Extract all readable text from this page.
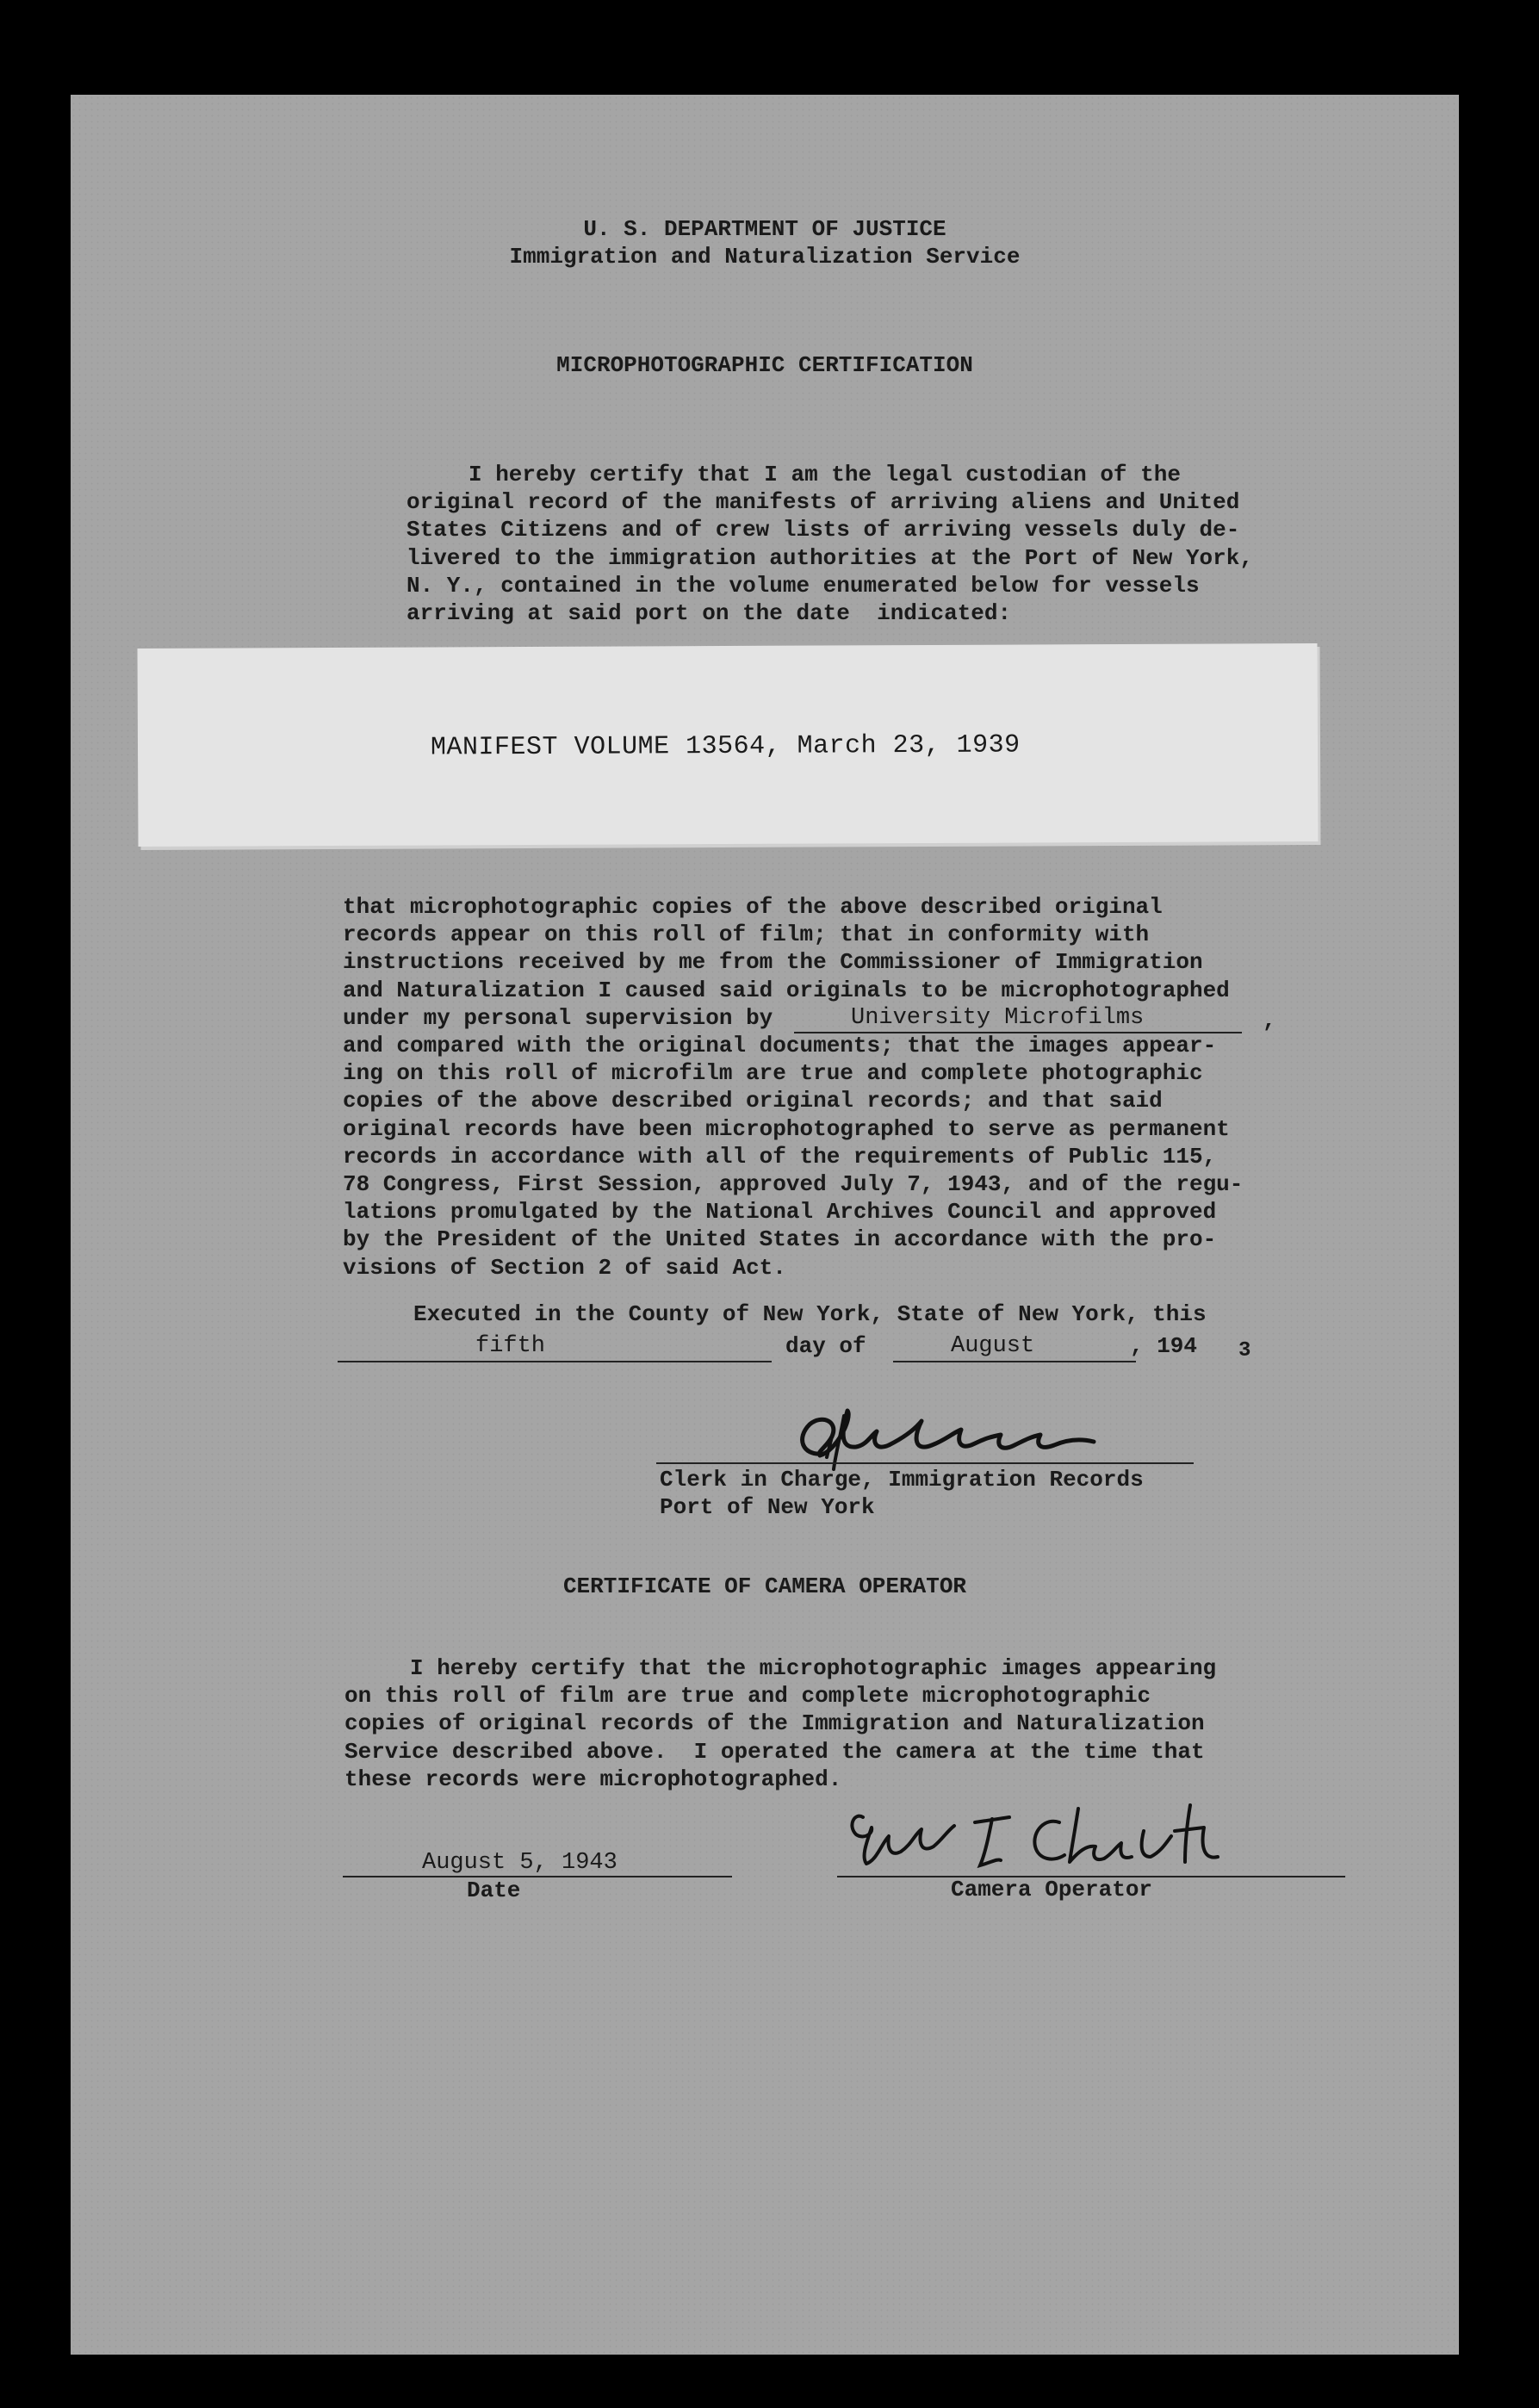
U. S. DEPARTMENT OF JUSTICE
Immigration and Naturalization Service
MICROPHOTOGRAPHIC CERTIFICATION
I hereby certify that I am the legal custodian of the
original record of the manifests of arriving aliens and United
States Citizens and of crew lists of arriving vessels duly de-
livered to the immigration authorities at the Port of New York,
N. Y., contained in the volume enumerated below for vessels
arriving at said port on the date  indicated:
MANIFEST VOLUME 13564, March 23, 1939
that microphotographic copies of the above described original
records appear on this roll of film; that in conformity with
instructions received by me from the Commissioner of Immigration
and Naturalization I caused said originals to be microphotographed
under my personal supervision by
and compared with the original documents; that the images appear-
ing on this roll of microfilm are true and complete photographic
copies of the above described original records; and that said
original records have been microphotographed to serve as permanent
records in accordance with all of the requirements of Public 115,
78 Congress, First Session, approved July 7, 1943, and of the regu-
lations promulgated by the National Archives Council and approved
by the President of the United States in accordance with the pro-
visions of Section 2 of said Act.
University Microfilms	,
Executed in the County of New York, State of New York, this
fifth	day of	August	, 194 3
Clerk in Charge, Immigration Records
Port of New York
CERTIFICATE OF CAMERA OPERATOR
I hereby certify that the microphotographic images appearing
on this roll of film are true and complete microphotographic
copies of original records of the Immigration and Naturalization
Service described above.  I operated the camera at the time that
these records were microphotographed.
August 5, 1943
Date	Camera Operator
